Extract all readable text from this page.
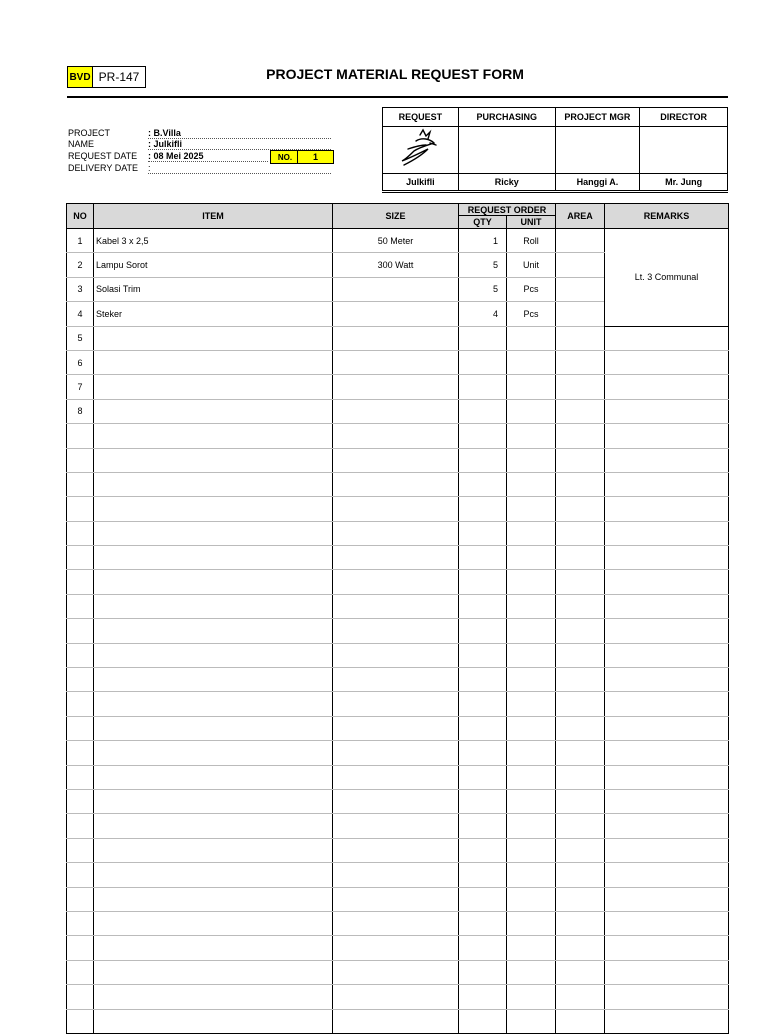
BVD PR-147	PROJECT MATERIAL REQUEST FORM
PROJECT	: B.Villa
NAME	: Julkifli
REQUEST DATE : 08 Mei 2025	NO.	1
DELIVERY DATE :
REQUEST	PURCHASING	PROJECT MGR	DIRECTOR

Julkifli	Ricky	Hanggi A.	Mr. Jung
NO	ITEM	SIZE	REQUEST ORDER		AREA	REMARKS
			QTY	UNIT		
1	Kabel 3 x 2,5	50 Meter	1	Roll		Lt. 3 Communal
2	Lampu Sorot	300 Watt	5	Unit		
3	Solasi Trim		5	Pcs		
4	Steker		4	Pcs		
5						
6						
7						
8						
